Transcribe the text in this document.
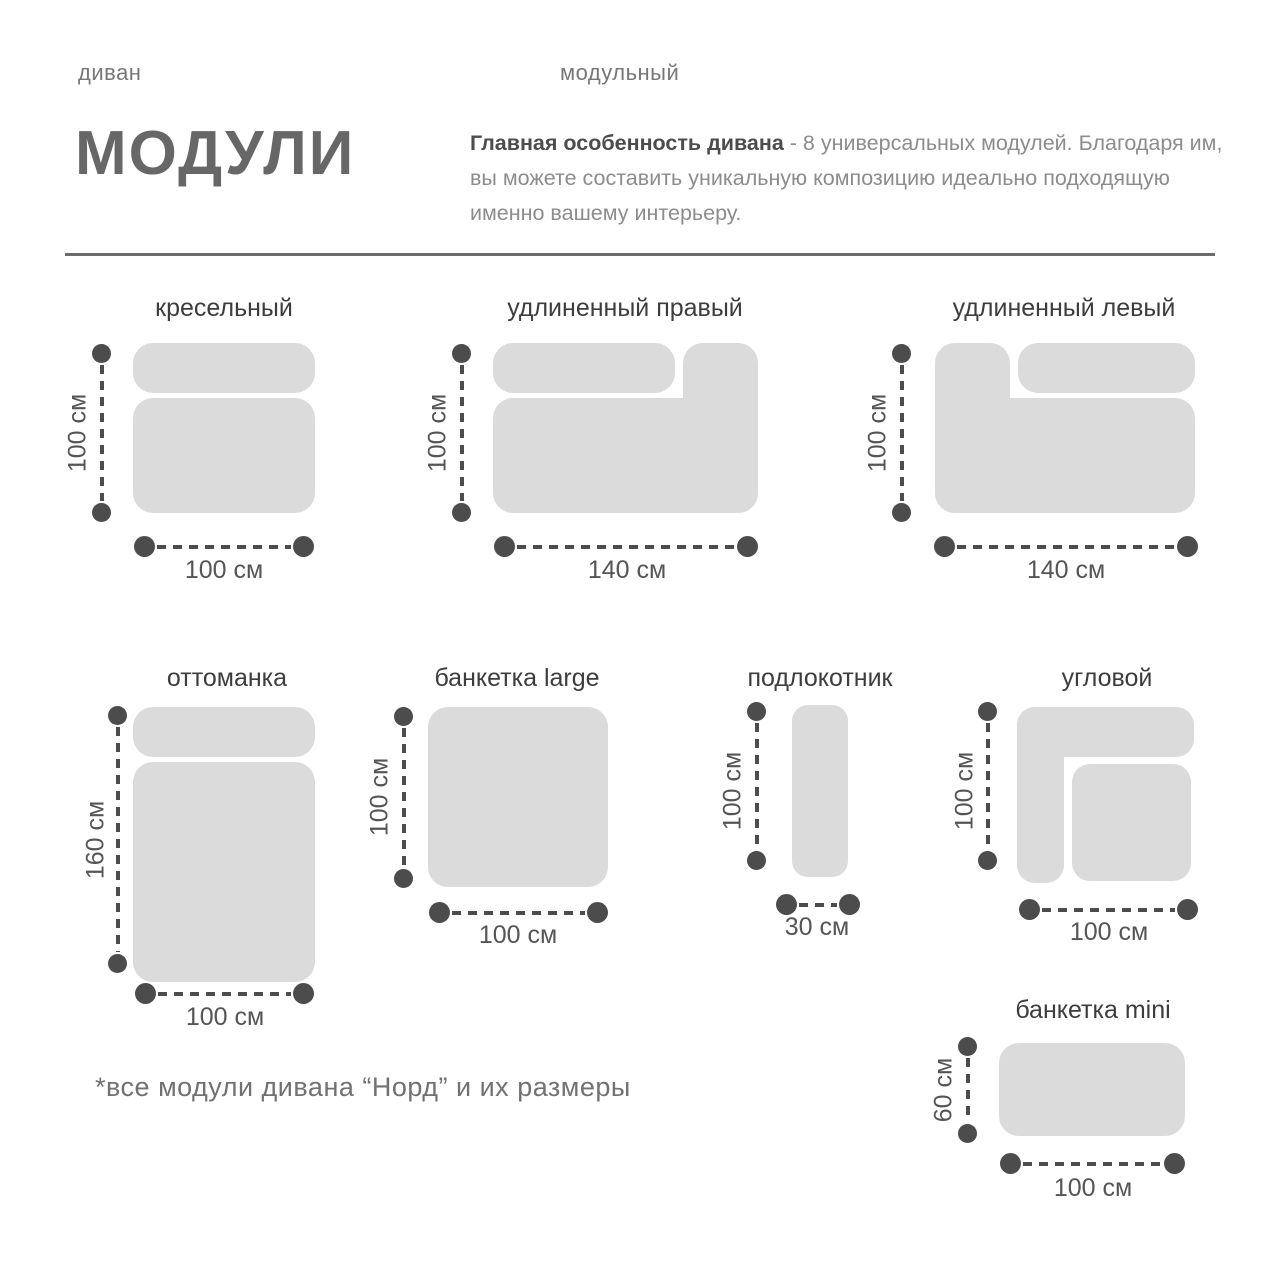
диван	модульный
МОДУЛИ	Главная особенность дивана - 8 универсальных модулей. Благодаря им,  вы можете составить уникальную композицию идеально подходящую именно вашему интерьеру.
кресельный
100 см
100 см
удлиненный правый
100 см
140 см
удлиненный левый
100 см
140 см
оттоманка
160 см
100 см
банкетка large
100 см
100 см
подлокотник
100 см
30 см
угловой
100 см
100 см
банкетка mini
60 см
100 см
*все модули дивана “Норд” и их размеры
